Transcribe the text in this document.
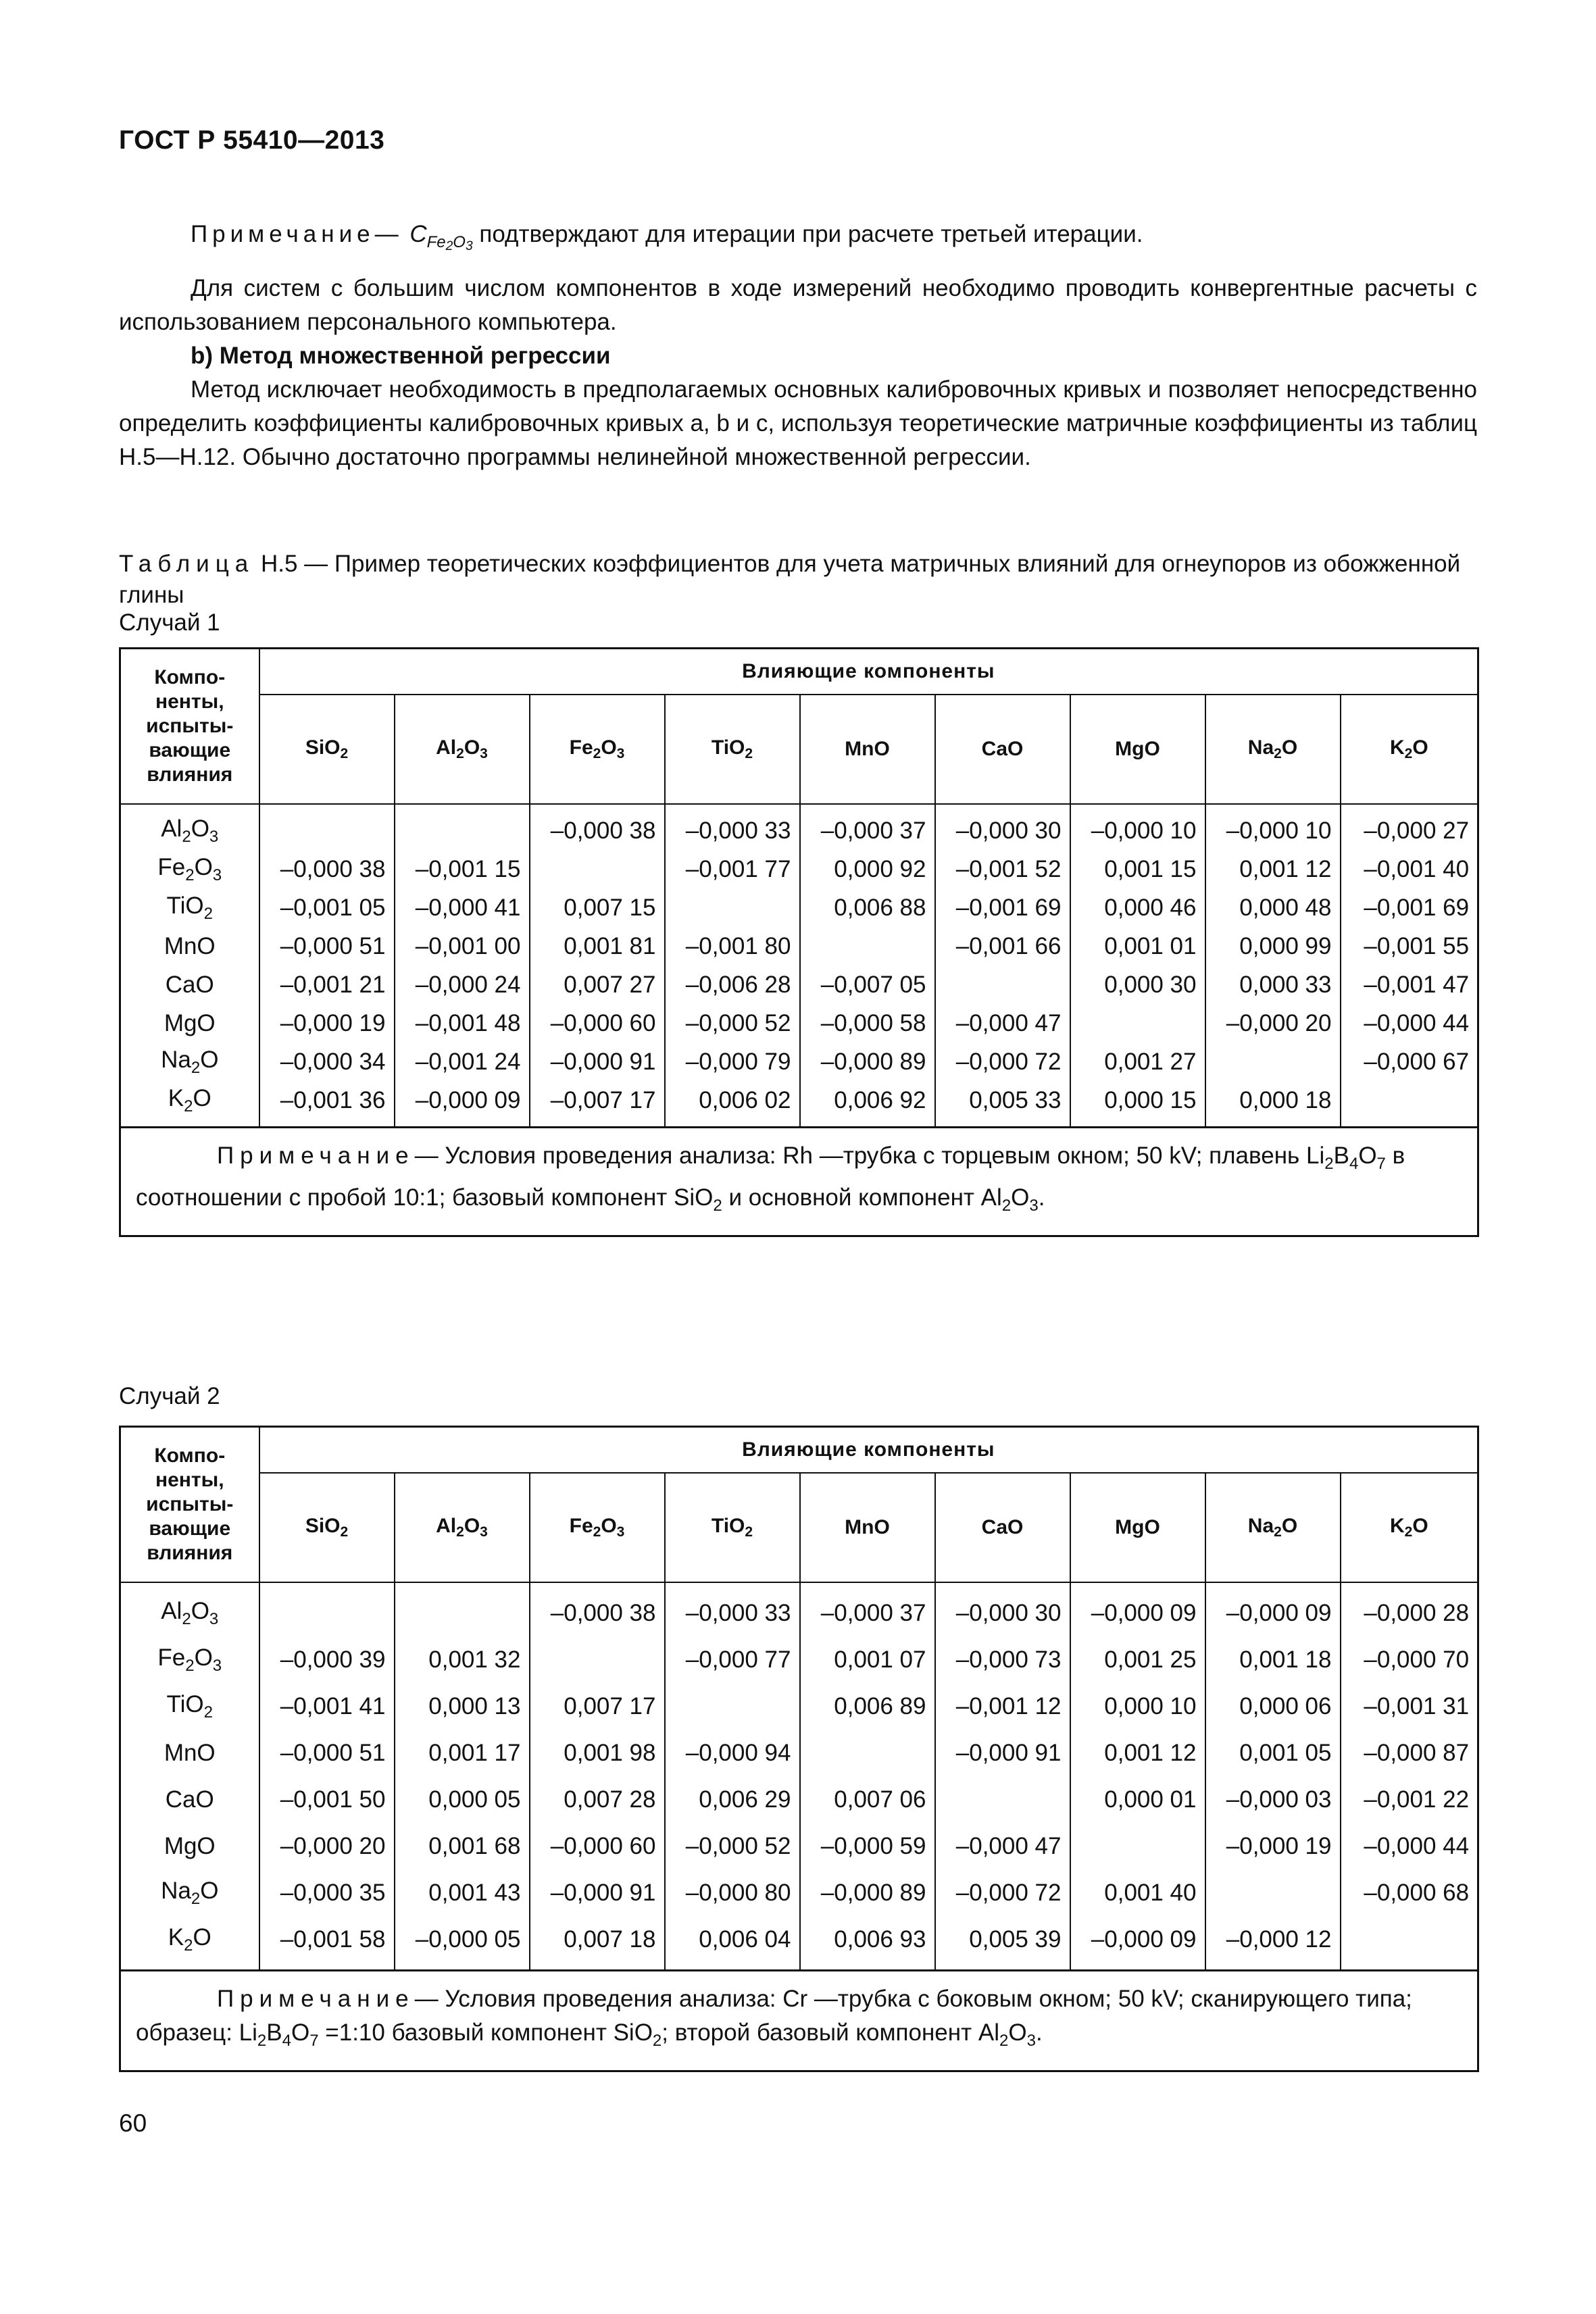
ГОСТ Р 55410—2013
Примечание— $C_{Fe2O3}$ подтверждают для итерации при расчете третьей итерации.
Для систем с большим числом компонентов в ходе измерений необходимо проводить конвергентные расчеты с использованием персонального компьютера.
b) Метод множественной регрессии
Метод исключает необходимость в предполагаемых основных калибровочных кривых и позволяет непосредственно определить коэффициенты калибровочных кривых a, b и c, используя теоретические матричные коэффициенты из таблиц Н.5—Н.12. Обычно достаточно программы нелинейной множественной регрессии.
Таблица Н.5 — Пример теоретических коэффициентов для учета матричных влияний для огнеупоров из обожженной глины
Случай 1
Компо-
ненты,
испыты-
вающие
влияния	Влияющие компоненты								
	SiO$_2$	$Al_2O_3$	$Fe_2O_3$	TiO$_2$	MnO	CaO	MgO	$Na_2O$	$K_2O$

$Al_2O_3$			–0,000 38	–0,000 33	–0,000 37	–0,000 30	–0,000 10	–0,000 10	–0,000 27
$Fe_2O_3$	–0,000 38	–0,001 15		–0,001 77	0,000 92	–0,001 52	0,001 15	0,001 12	–0,001 40
TiO$_2$	–0,001 05	–0,000 41	0,007 15		0,006 88	–0,001 69	0,000 46	0,000 48	–0,001 69
MnO	–0,000 51	–0,001 00	0,001 81	–0,001 80		–0,001 66	0,001 01	0,000 99	–0,001 55
CaO	–0,001 21	–0,000 24	0,007 27	–0,006 28	–0,007 05		0,000 30	0,000 33	–0,001 47
MgO	–0,000 19	–0,001 48	–0,000 60	–0,000 52	–0,000 58	–0,000 47		–0,000 20	–0,000 44
$Na_2O$	–0,000 34	–0,001 24	–0,000 91	–0,000 79	–0,000 89	–0,000 72	0,001 27		–0,000 67
$K_2O$	–0,001 36	–0,000 09	–0,007 17	0,006 02	0,006 92	0,005 33	0,000 15	0,000 18	

Примечание— Условия проведения анализа: Rh —трубка с торцевым окном; 50 kV; плавень $Li_2B_4O_7$ в соотношении с пробой 10:1; базовый компонент SiO$_2$ и основной компонент $Al_2O_3$.									
Случай 2
Компо-
ненты,
испыты-
вающие
влияния	Влияющие компоненты								
	SiO$_2$	$Al_2O_3$	$Fe_2O_3$	TiO$_2$	MnO	CaO	MgO	$Na_2O$	$K_2O$

$Al_2O_3$			–0,000 38	–0,000 33	–0,000 37	–0,000 30	–0,000 09	–0,000 09	–0,000 28
$Fe_2O_3$	–0,000 39	0,001 32		–0,000 77	0,001 07	–0,000 73	0,001 25	0,001 18	–0,000 70
TiO$_2$	–0,001 41	0,000 13	0,007 17		0,006 89	–0,001 12	0,000 10	0,000 06	–0,001 31
MnO	–0,000 51	0,001 17	0,001 98	–0,000 94		–0,000 91	0,001 12	0,001 05	–0,000 87
CaO	–0,001 50	0,000 05	0,007 28	0,006 29	0,007 06		0,000 01	–0,000 03	–0,001 22
MgO	–0,000 20	0,001 68	–0,000 60	–0,000 52	–0,000 59	–0,000 47		–0,000 19	–0,000 44
$Na_2O$	–0,000 35	0,001 43	–0,000 91	–0,000 80	–0,000 89	–0,000 72	0,001 40		–0,000 68
$K_2O$	–0,001 58	–0,000 05	0,007 18	0,006 04	0,006 93	0,005 39	–0,000 09	–0,000 12	

Примечание— Условия проведения анализа: Cr —трубка с боковым окном; 50 kV; сканирующего типа; образец: $Li_2B_4O_7$ =1:10 базовый компонент SiO$_2$; второй базовый компонент $Al_2O_3$.									
60
